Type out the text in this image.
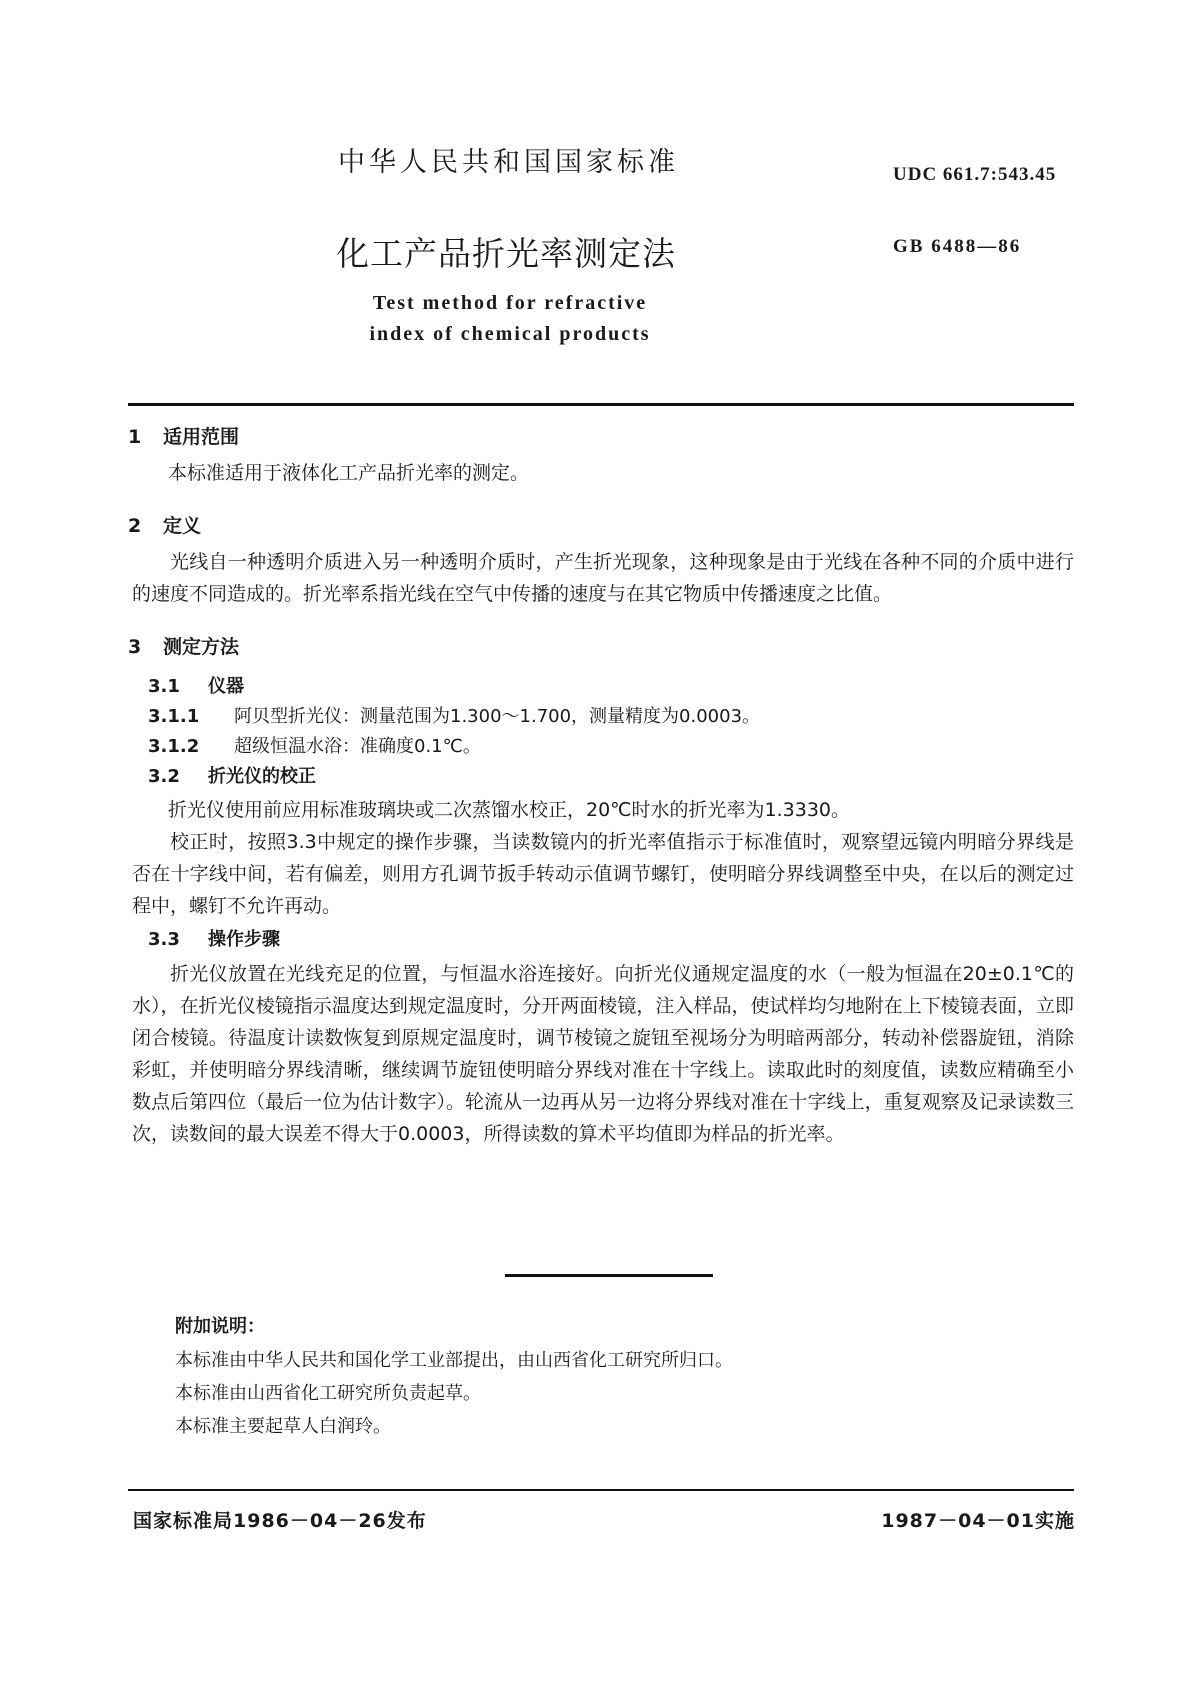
中华人民共和国国家标准	UDC 661.7:543.45
化工产品折光率测定法	GB 6488—86
Test method for refractive
index of chemical products
1 适用范围
本标准适用于液体化工产品折光率的测定。
2 定义
光线自一种透明介质进入另一种透明介质时，产生折光现象，这种现象是由于光线在各种不同的介质中进行的速度不同造成的。折光率系指光线在空气中传播的速度与在其它物质中传播速度之比值。
3 测定方法
3.1 仪器
3.1.1 阿贝型折光仪：测量范围为1.300～1.700，测量精度为0.0003。
3.1.2 超级恒温水浴：准确度0.1℃。
3.2 折光仪的校正
折光仪使用前应用标准玻璃块或二次蒸馏水校正，20℃时水的折光率为1.3330。
校正时，按照3.3中规定的操作步骤，当读数镜内的折光率值指示于标准值时，观察望远镜内明暗分界线是否在十字线中间，若有偏差，则用方孔调节扳手转动示值调节螺钉，使明暗分界线调整至中央，在以后的测定过程中，螺钉不允许再动。
3.3 操作步骤
折光仪放置在光线充足的位置，与恒温水浴连接好。向折光仪通规定温度的水（一般为恒温在20±0.1℃的水），在折光仪棱镜指示温度达到规定温度时，分开两面棱镜，注入样品，使试样均匀地附在上下棱镜表面，立即闭合棱镜。待温度计读数恢复到原规定温度时，调节棱镜之旋钮至视场分为明暗两部分，转动补偿器旋钮，消除彩虹，并使明暗分界线清晰，继续调节旋钮使明暗分界线对准在十字线上。读取此时的刻度值，读数应精确至小数点后第四位（最后一位为估计数字）。轮流从一边再从另一边将分界线对准在十字线上，重复观察及记录读数三次，读数间的最大误差不得大于0.0003，所得读数的算术平均值即为样品的折光率。
附加说明：
本标准由中华人民共和国化学工业部提出，由山西省化工研究所归口。
本标准由山西省化工研究所负责起草。
本标准主要起草人白润玲。
国家标准局1986－04－26发布	1987－04－01实施
